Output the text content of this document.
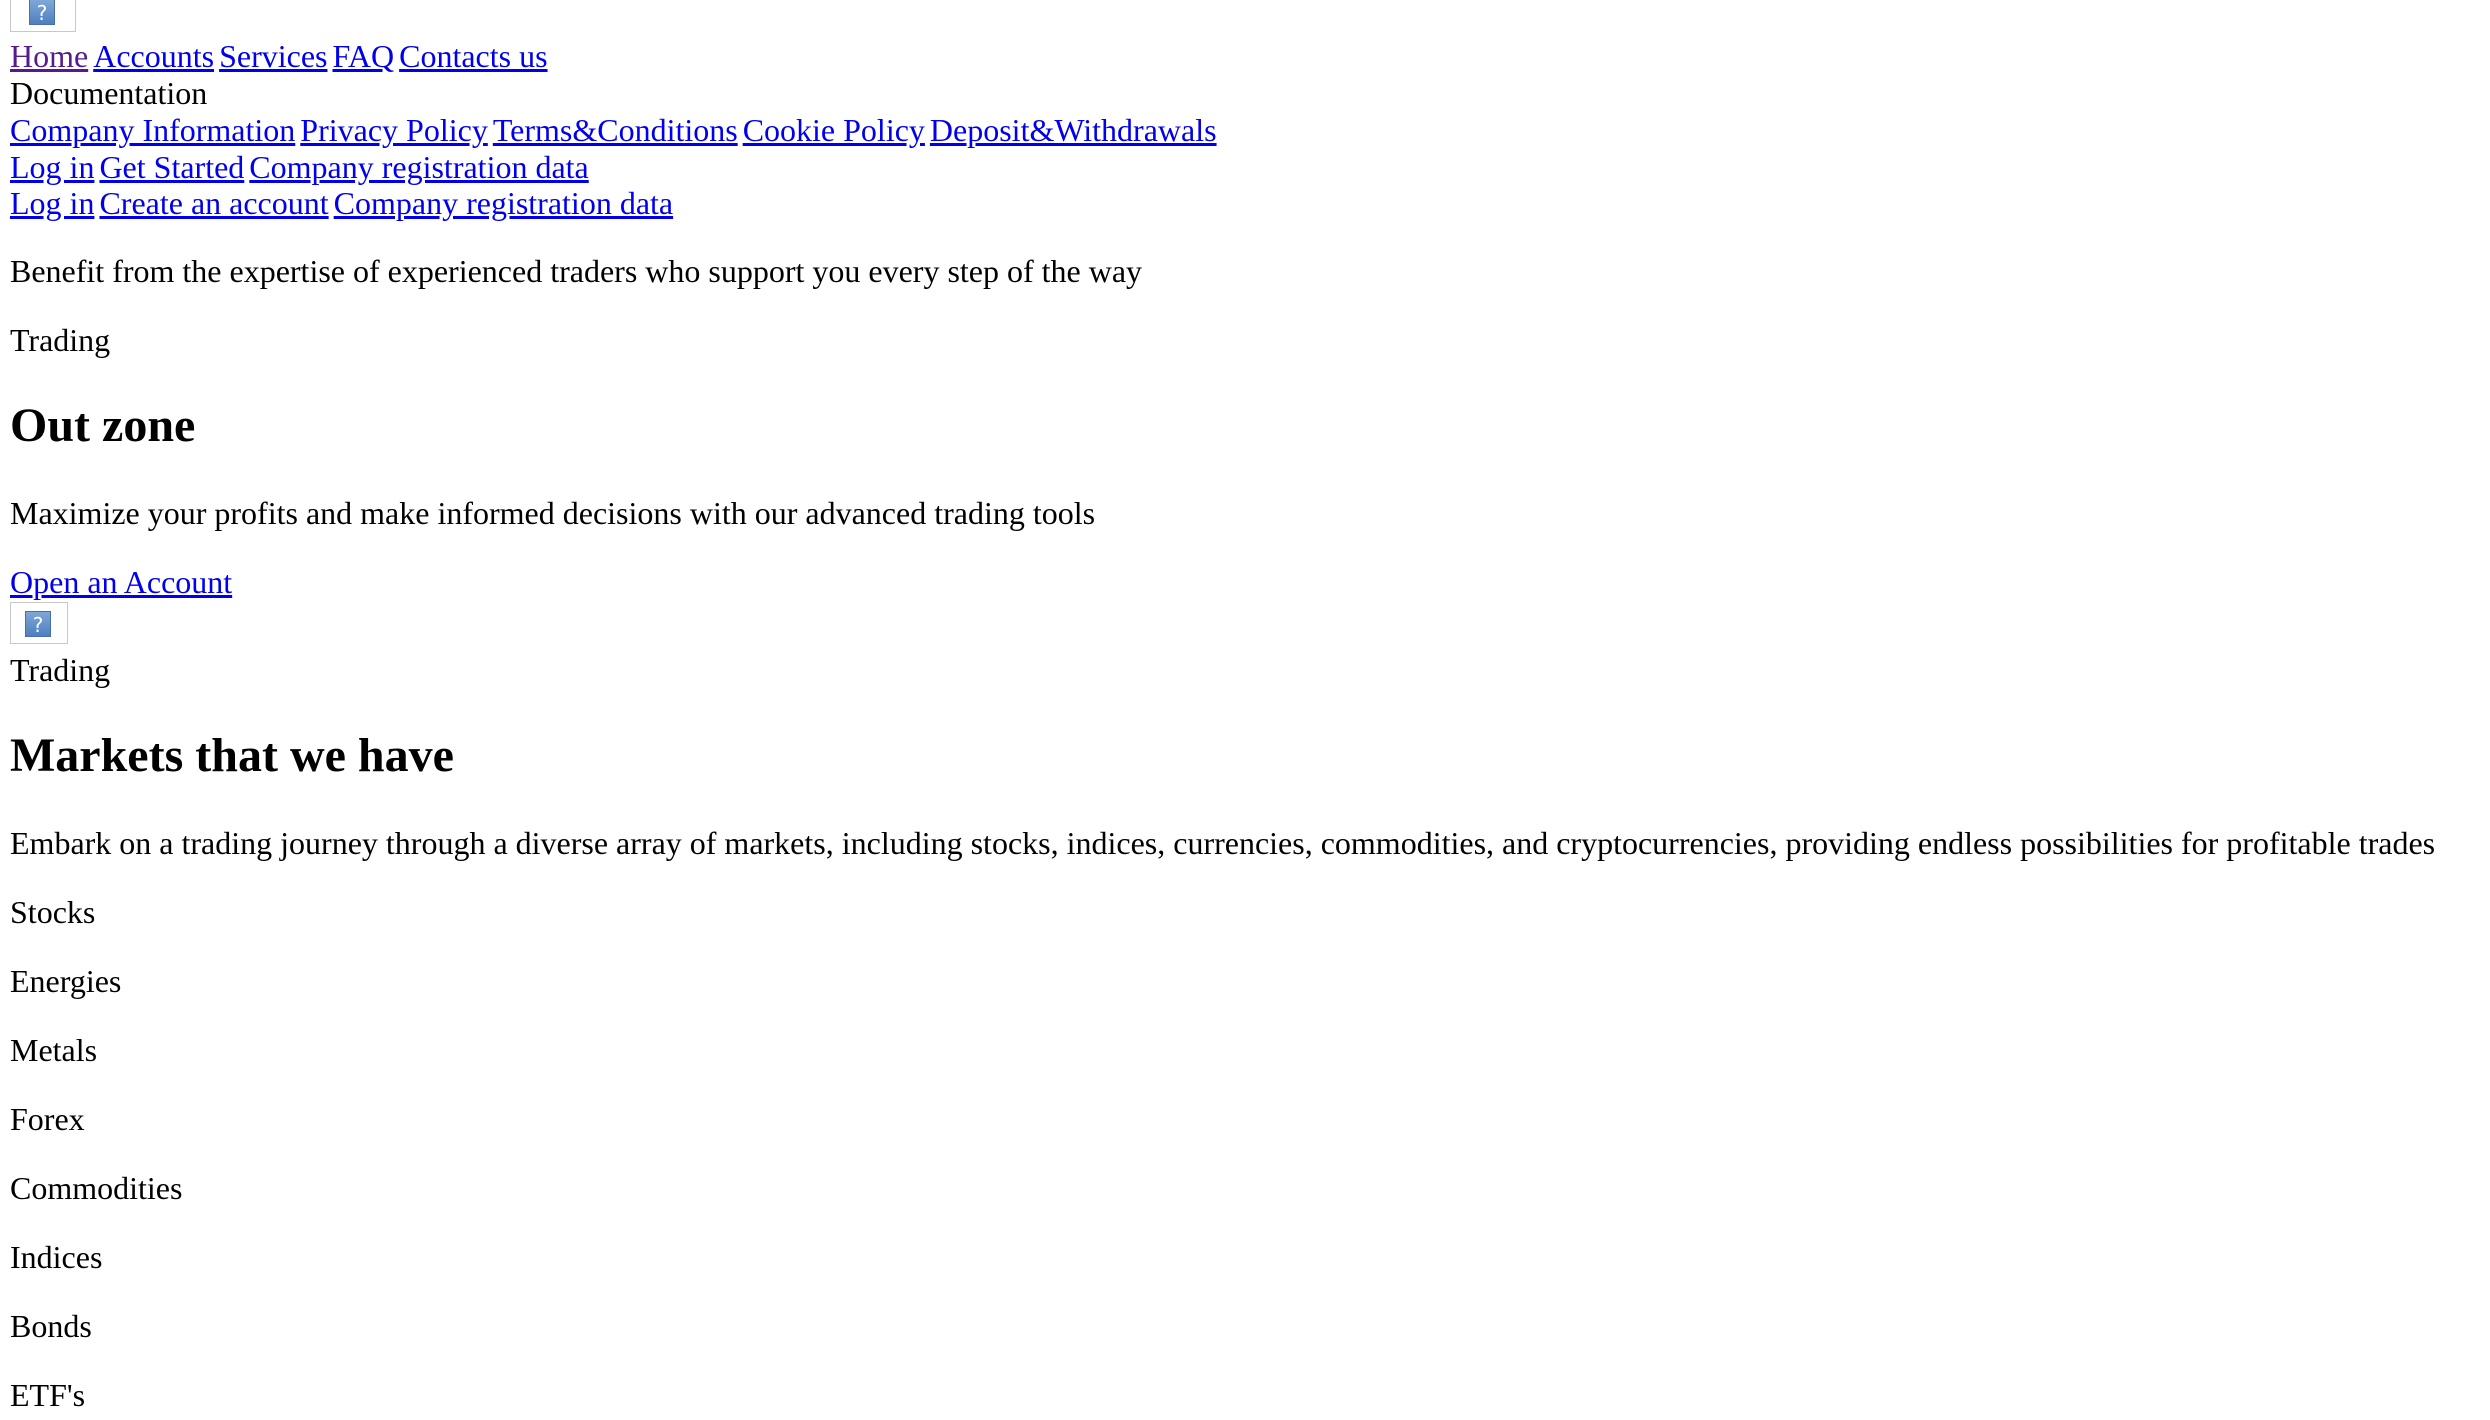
?
Home Accounts Services FAQ Contacts us
Documentation
Company Information Privacy Policy Terms&Conditions Cookie Policy Deposit&Withdrawals
Log in Get Started Company registration data
Log in Create an account Company registration data

Benefit from the expertise of experienced traders who support you every step of the way

Trading

Out zone

Maximize your profits and make informed decisions with our advanced trading tools

Open an Account
?

Trading

Markets that we have

Embark on a trading journey through a diverse array of markets, including stocks, indices, currencies, commodities, and cryptocurrencies, providing endless possibilities for profitable trades

Stocks

Energies

Metals

Forex

Commodities

Indices

Bonds

ETF's
